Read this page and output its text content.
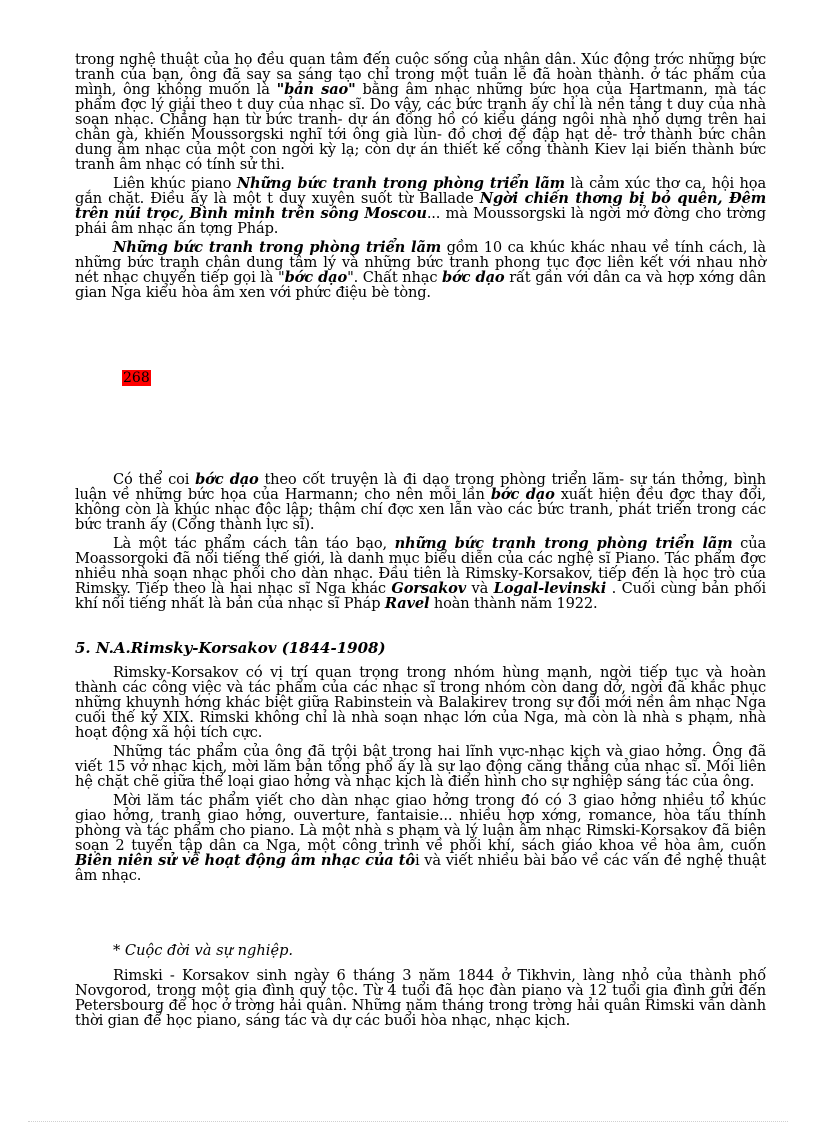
trong nghệ thuật của họ đều quan tâm đến cuộc sống của nhân dân. Xúc động trớc những bức tranh của bạn, ông đã say sa sáng tạo chỉ trong một tuần lễ đã hoàn thành. ở tác phẩm của mình, ông không muốn là "bản sao" bằng âm nhạc những bức họa của Hartmann, mà tác phẩm đợc lý giải theo t duy của nhạc sĩ. Do vậy, các bức tranh ấy chỉ là nền tảng t duy của nhà soạn nhạc. Chẳng hạn từ bức tranh- dự án đồng hồ có kiểu dáng ngôi nhà nhỏ dựng trên hai chân gà, khiến Moussorgski nghĩ tới ông già lùn- đồ chơi để đập hạt dẻ- trở thành bức chân dung âm nhạc của một con ngời kỳ lạ; còn dự án thiết kế cổng thành Kiev lại biến thành bức tranh âm nhạc có tính sử thi.

Liên khúc piano Những bức tranh trong phòng triển lãm là cảm xúc thơ ca, hội họa gắn chặt. Điều ấy là một t duy xuyên suốt từ Ballade Ngời chiến thơng bị bỏ quên, Đêm trên núi trọc, Bình minh trên sông Moscou... mà Moussorgski là ngời mở đờng cho trờng phái âm nhạc ấn tợng Pháp.

Những bức tranh trong phòng triển lãm gồm 10 ca khúc khác nhau về tính cách, là những bức tranh chân dung tâm lý và những bức tranh phong tục đợc liên kết với nhau nhờ nét nhạc chuyển tiếp gọi là "bớc dạo". Chất nhạc bớc dạo rất gần với dân ca và hợp xớng dân gian Nga kiểu hòa âm xen với phức điệu bè tòng.

268

Có thể coi bớc dạo theo cốt truyện là đi dạo trong phòng triển lãm- sự tán thởng, bình luận về những bức họa của Harmann; cho nên mỗi lần bớc dạo xuất hiện đều đợc thay đổi, không còn là khúc nhạc độc lập; thậm chí đợc xen lẫn vào các bức tranh, phát triển trong các bức tranh ấy (Cổng thành lực sĩ).

Là một tác phẩm cách tân táo bạo, những bức tranh trong phòng triển lãm của Moassorgoki đã nổi tiếng thế giới, là danh mục biểu diễn của các nghệ sĩ Piano. Tác phẩm đợc nhiều nhà soạn nhạc phối cho dàn nhạc. Đầu tiên là Rimsky-Korsakov, tiếp đến là học trò của Rimsky. Tiếp theo là hai nhạc sĩ Nga khác Gorsakov và Logal-levinski . Cuối cùng bản phối khí nổi tiếng nhất là bản của nhạc sĩ Pháp Ravel hoàn thành năm 1922.

5. N.A.Rimsky-Korsakov (1844-1908)

Rimsky-Korsakov có vị trí quan trọng trong nhóm hùng mạnh, ngời tiếp tục và hoàn thành các công việc và tác phẩm của các nhạc sĩ trong nhóm còn dang dở, ngời đã khắc phục những khuynh hớng khác biệt giữa Rabinstein và Balakirev trong sự đổi mới nền âm nhạc Nga cuối thế kỷ XIX. Rimski không chỉ là nhà soạn nhạc lớn của Nga, mà còn là nhà s phạm, nhà hoạt động xã hội tích cực.

Những tác phẩm của ông đã trội bật trong hai lĩnh vực-nhạc kịch và giao hởng. Ông đã viết 15 vở nhạc kịch, mời lăm bản tổng phổ ấy là sự lao động căng thẳng của nhạc sĩ. Mối liên hệ chặt chẽ giữa thể loại giao hởng và nhạc kịch là điển hình cho sự nghiệp sáng tác của ông.

Mời lăm tác phẩm viết cho dàn nhạc giao hởng trong đó có 3 giao hởng nhiều tổ khúc giao hởng, tranh giao hởng, ouverture, fantaisie... nhiều hợp xớng, romance, hòa tấu thính phòng và tác phẩm cho piano. Là một nhà s phạm và lý luận âm nhạc Rimski-Korsakov đã biên soạn 2 tuyển tập dân ca Nga, một công trình về phối khí, sách giáo khoa về hòa âm, cuốn Biên niên sử về hoạt động âm nhạc của tôi và viết nhiều bài báo về các vấn đề nghệ thuật âm nhạc.

* Cuộc đời và sự nghiệp.

Rimski - Korsakov sinh ngày 6 tháng 3 năm 1844 ở Tikhvin, làng nhỏ của thành phố Novgorod, trong một gia đình quý tộc. Từ 4 tuổi đã học đàn piano và 12 tuổi gia đình gửi đến Petersbourg để học ở trờng hải quân. Những năm tháng trong trờng hải quân Rimski vẫn dành thời gian để học piano, sáng tác và dự các buổi hòa nhạc, nhạc kịch.
